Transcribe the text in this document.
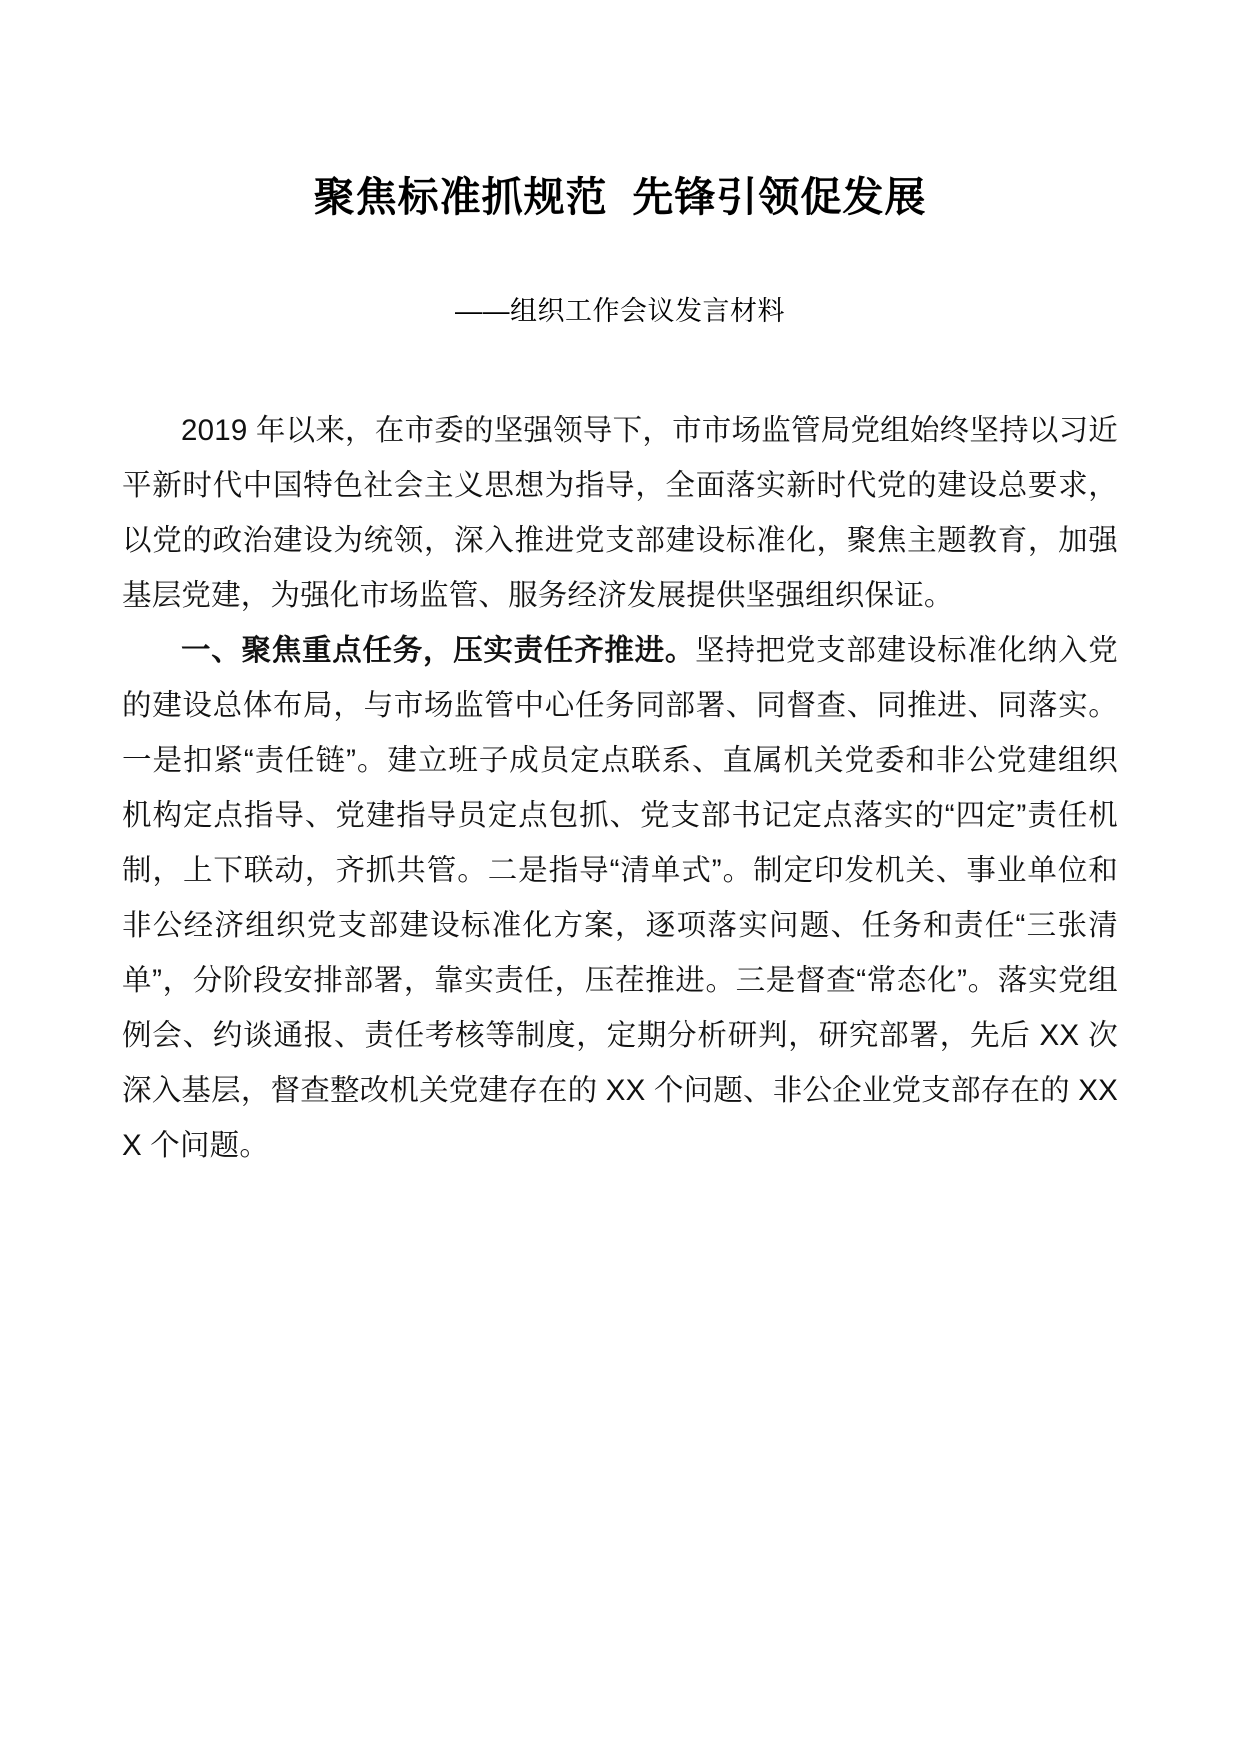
聚焦标准抓规范  先锋引领促发展
——组织工作会议发言材料

2019 年以来，在市委的坚强领导下，市市场监管局党组始终坚持以习近平新时代中国特色社会主义思想为指导，全面落实新时代党的建设总要求，以党的政治建设为统领，深入推进党支部建设标准化，聚焦主题教育，加强基层党建，为强化市场监管、服务经济发展提供坚强组织保证。

一、聚焦重点任务，压实责任齐推进。坚持把党支部建设标准化纳入党的建设总体布局，与市场监管中心任务同部署、同督查、同推进、同落实。一是扣紧“责任链”。建立班子成员定点联系、直属机关党委和非公党建组织机构定点指导、党建指导员定点包抓、党支部书记定点落实的“四定”责任机制，上下联动，齐抓共管。二是指导“清单式”。制定印发机关、事业单位和非公经济组织党支部建设标准化方案，逐项落实问题、任务和责任“三张清单”，分阶段安排部署，靠实责任，压茬推进。三是督查“常态化”。落实党组例会、约谈通报、责任考核等制度，定期分析研判，研究部署，先后 XX 次深入基层，督查整改机关党建存在的 XX 个问题、非公企业党支部存在的 XXX 个问题。
